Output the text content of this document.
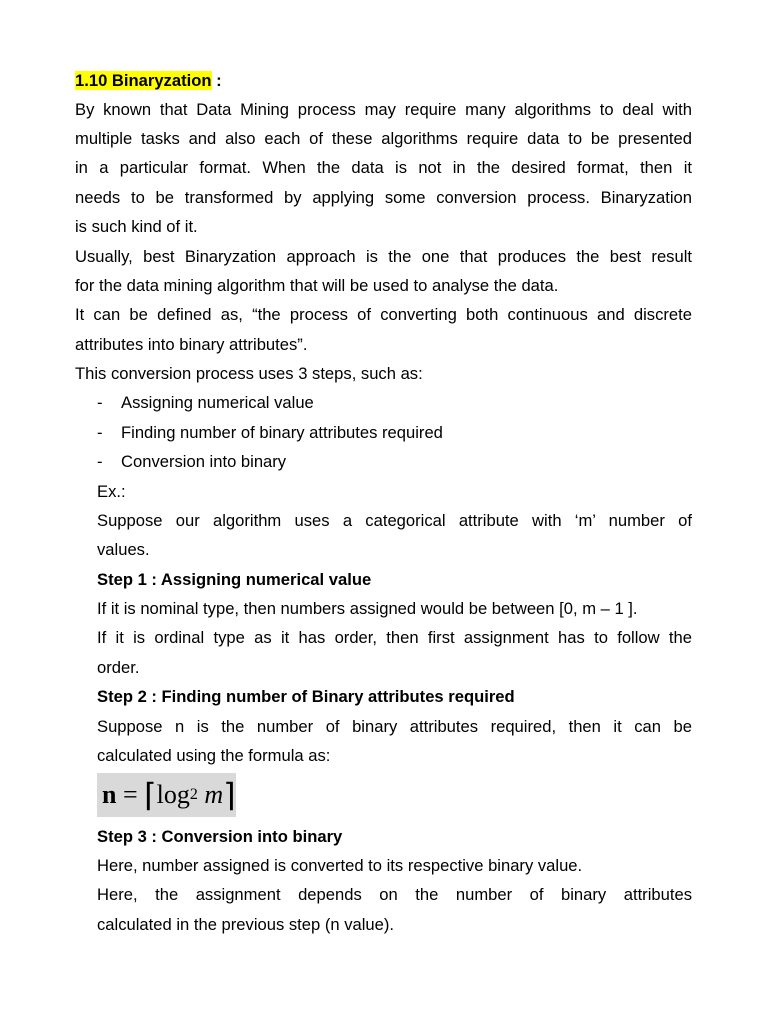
1.10 Binaryzation :
By known that Data Mining process may require many algorithms to deal with
multiple tasks and also each of these algorithms require data to be presented
in a particular format. When the data is not in the desired format, then it
needs to be transformed by applying some conversion process. Binaryzation
is such kind of it.
Usually, best Binaryzation approach is the one that produces the best result
for the data mining algorithm that will be used to analyse the data.
It can be defined as, “the process of converting both continuous and discrete
attributes into binary attributes”.
This conversion process uses 3 steps, such as:
- Assigning numerical value
- Finding number of binary attributes required
- Conversion into binary
Ex.:
Suppose our algorithm uses a categorical attribute with ‘m’ number of
values.
Step 1 : Assigning numerical value
If it is nominal type, then numbers assigned would be between [0, m – 1 ].
If it is ordinal type as it has order, then first assignment has to follow the
order.
Step 2 : Finding number of Binary attributes required
Suppose n is the number of binary attributes required, then it can be
calculated using the formula as:
n = ⌈ log 2 m ⌉
Step 3 : Conversion into binary
Here, number assigned is converted to its respective binary value.
Here, the assignment depends on the number of binary attributes
calculated in the previous step (n value).
